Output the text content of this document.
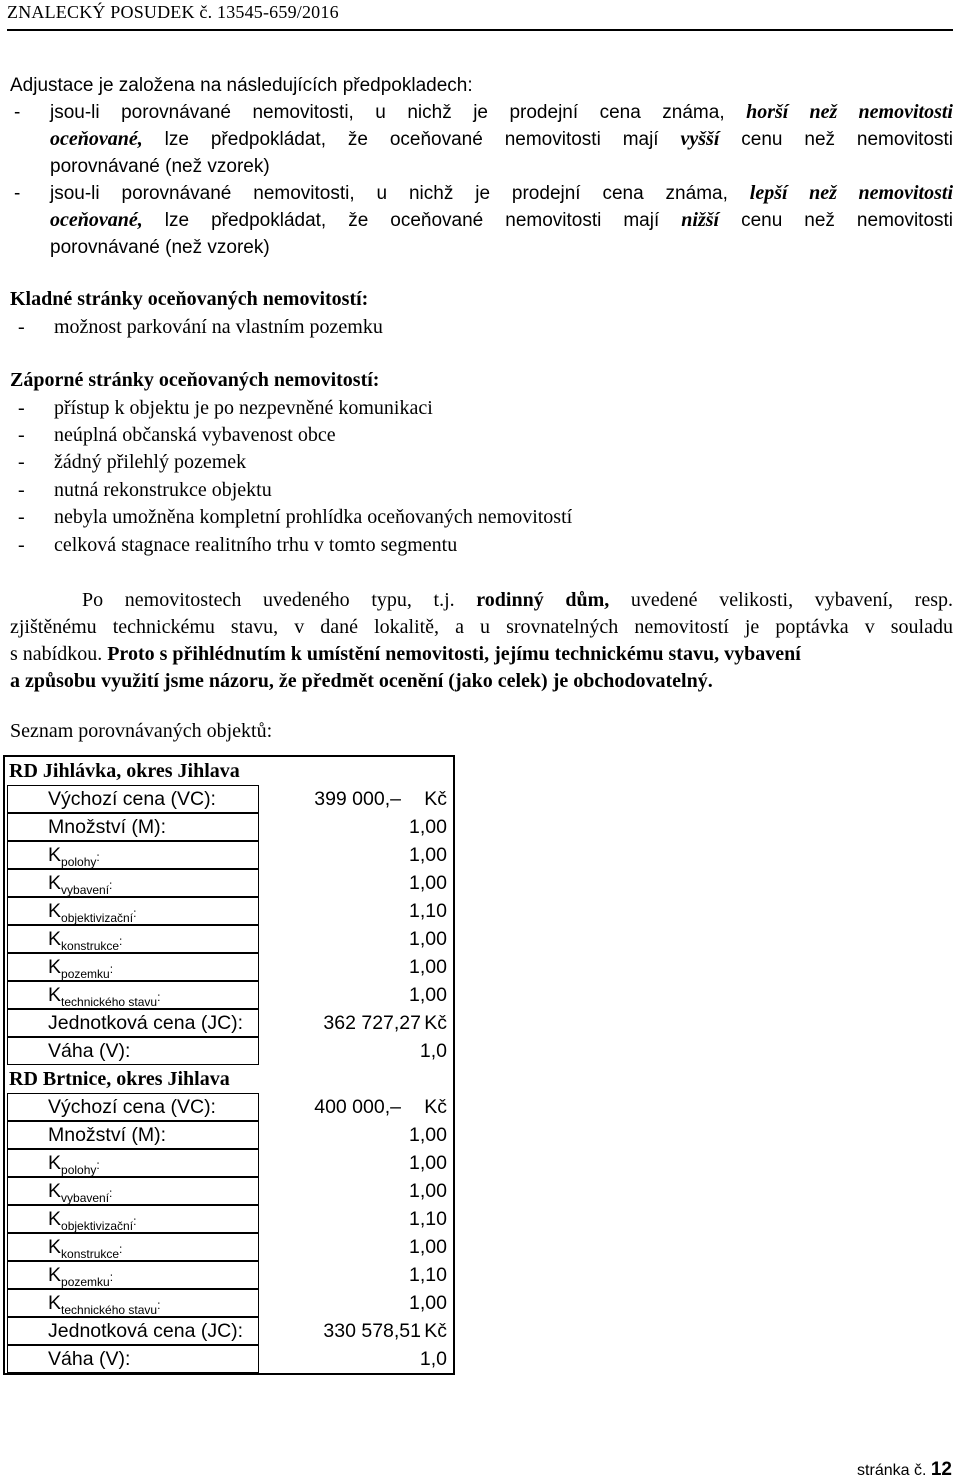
ZNALECKÝ POSUDEK č. 13545-659/2016
Adjustace je založena na následujících předpokladech:
- jsou-li porovnávané nemovitosti, u nichž je prodejní cena známa, horší než nemovitosti
oceňované, lze předpokládat, že oceňované nemovitosti mají vyšší cenu než nemovitosti
porovnávané (než vzorek)
- jsou-li porovnávané nemovitosti, u nichž je prodejní cena známa, lepší než nemovitosti
oceňované, lze předpokládat, že oceňované nemovitosti mají nižší cenu než nemovitosti
porovnávané (než vzorek)
Kladné stránky oceňovaných nemovitostí:
- možnost parkování na vlastním pozemku
Záporné stránky oceňovaných nemovitostí:
- přístup k objektu je po nezpevněné komunikaci
- neúplná občanská vybavenost obce
- žádný přilehlý pozemek
- nutná rekonstrukce objektu
- nebyla umožněna kompletní prohlídka oceňovaných nemovitostí
- celková stagnace realitního trhu v tomto segmentu
Po nemovitostech uvedeného typu, t.j. rodinný dům, uvedené velikosti, vybavení, resp.
zjištěnému technickému stavu, v dané lokalitě, a u srovnatelných nemovitostí je poptávka v souladu
s nabídkou. Proto s přihlédnutím k umístění nemovitosti, jejímu technickému stavu, vybavení
a způsobu využití jsme názoru, že předmět ocenění (jako celek) je obchodovatelný.
Seznam porovnávaných objektů:
RD Jihlávka, okres Jihlava
Výchozí cena (VC):	399 000,– Kč
Množství (M):	1,00
$K_{polohy}$:	1,00
$K_{vybavení}$:	1,00
$K_{objektivizační}$:	1,10
$K_{konstrukce}$:	1,00
$K_{pozemku}$:	1,00
$K_{technického stavu}$:	1,00
Jednotková cena (JC):	362 727,27 Kč
Váha (V):	1,0
RD Brtnice, okres Jihlava
Výchozí cena (VC):	400 000,– Kč
Množství (M):	1,00
$K_{polohy}$:	1,00
$K_{vybavení}$:	1,00
$K_{objektivizační}$:	1,10
$K_{konstrukce}$:	1,00
$K_{pozemku}$:	1,10
$K_{technického stavu}$:	1,00
Jednotková cena (JC):	330 578,51 Kč
Váha (V):	1,0
stránka č. 12
